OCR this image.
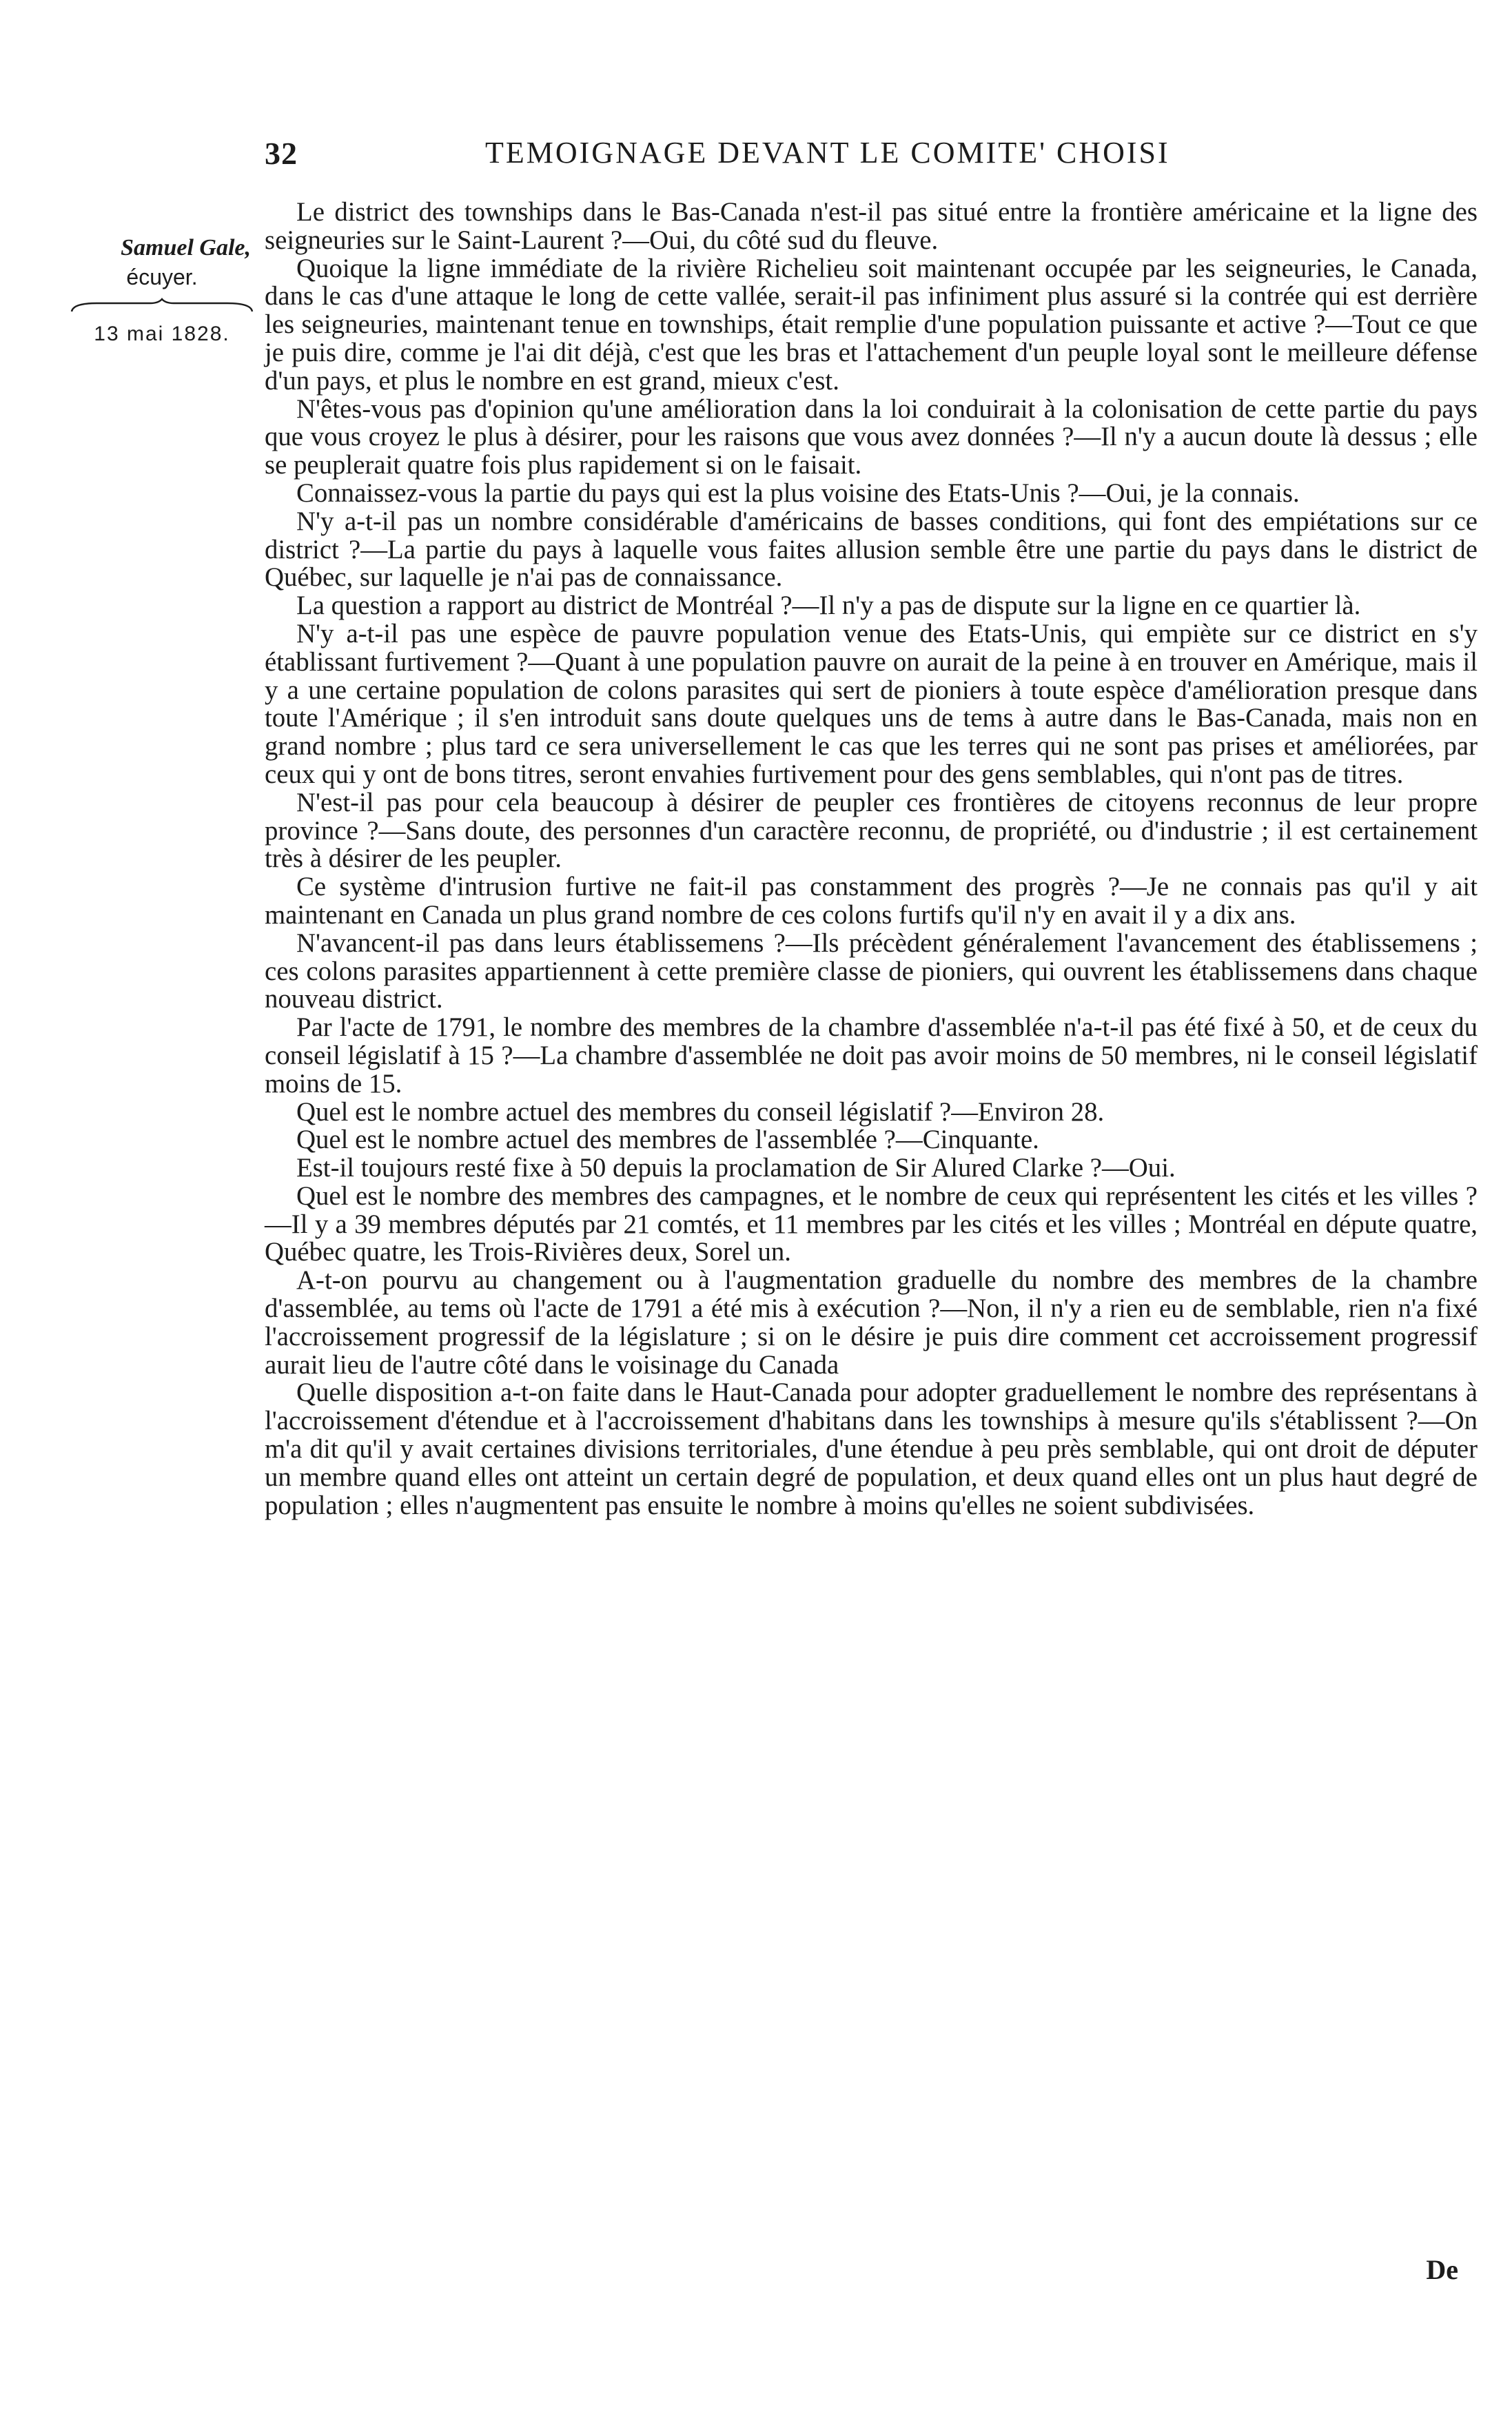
32	TEMOIGNAGE DEVANT LE COMITE' CHOISI
Samuel Gale,
écuyer.
13 mai 1828.

Le district des townships dans le Bas-Canada n'est-il pas situé entre la frontière américaine et la ligne des seigneuries sur le Saint-Laurent ?—Oui, du côté sud du fleuve.

Quoique la ligne immédiate de la rivière Richelieu soit maintenant occupée par les seigneuries, le Canada, dans le cas d'une attaque le long de cette vallée, serait-il pas infiniment plus assuré si la contrée qui est derrière les seigneuries, maintenant tenue en townships, était remplie d'une population puissante et active ?—Tout ce que je puis dire, comme je l'ai dit déjà, c'est que les bras et l'attachement d'un peuple loyal sont le meilleure défense d'un pays, et plus le nombre en est grand, mieux c'est.

N'êtes-vous pas d'opinion qu'une amélioration dans la loi conduirait à la colonisation de cette partie du pays que vous croyez le plus à désirer, pour les raisons que vous avez données ?—Il n'y a aucun doute là dessus ; elle se peuplerait quatre fois plus rapidement si on le faisait.

Connaissez-vous la partie du pays qui est la plus voisine des Etats-Unis ?—Oui, je la connais.

N'y a-t-il pas un nombre considérable d'américains de basses conditions, qui font des empiétations sur ce district ?—La partie du pays à laquelle vous faites allusion semble être une partie du pays dans le district de Québec, sur laquelle je n'ai pas de connaissance.

La question a rapport au district de Montréal ?—Il n'y a pas de dispute sur la ligne en ce quartier là.

N'y a-t-il pas une espèce de pauvre population venue des Etats-Unis, qui empiète sur ce district en s'y établissant furtivement ?—Quant à une population pauvre on aurait de la peine à en trouver en Amérique, mais il y a une certaine population de colons parasites qui sert de pioniers à toute espèce d'amélioration presque dans toute l'Amérique ; il s'en introduit sans doute quelques uns de tems à autre dans le Bas-Canada, mais non en grand nombre ; plus tard ce sera universellement le cas que les terres qui ne sont pas prises et améliorées, par ceux qui y ont de bons titres, seront envahies furtivement pour des gens semblables, qui n'ont pas de titres.

N'est-il pas pour cela beaucoup à désirer de peupler ces frontières de citoyens reconnus de leur propre province ?—Sans doute, des personnes d'un caractère reconnu, de propriété, ou d'industrie ; il est certainement très à désirer de les peupler.

Ce système d'intrusion furtive ne fait-il pas constamment des progrès ?—Je ne connais pas qu'il y ait maintenant en Canada un plus grand nombre de ces colons furtifs qu'il n'y en avait il y a dix ans.

N'avancent-il pas dans leurs établissemens ?—Ils précèdent généralement l'avancement des établissemens ; ces colons parasites appartiennent à cette première classe de pioniers, qui ouvrent les établissemens dans chaque nouveau district.

Par l'acte de 1791, le nombre des membres de la chambre d'assemblée n'a-t-il pas été fixé à 50, et de ceux du conseil législatif à 15 ?—La chambre d'assemblée ne doit pas avoir moins de 50 membres, ni le conseil législatif moins de 15.

Quel est le nombre actuel des membres du conseil législatif ?—Environ 28.

Quel est le nombre actuel des membres de l'assemblée ?—Cinquante.

Est-il toujours resté fixe à 50 depuis la proclamation de Sir Alured Clarke ?—Oui.

Quel est le nombre des membres des campagnes, et le nombre de ceux qui représentent les cités et les villes ?—Il y a 39 membres députés par 21 comtés, et 11 membres par les cités et les villes ; Montréal en députe quatre, Québec quatre, les Trois-Rivières deux, Sorel un.

A-t-on pourvu au changement ou à l'augmentation graduelle du nombre des membres de la chambre d'assemblée, au tems où l'acte de 1791 a été mis à exécution ?—Non, il n'y a rien eu de semblable, rien n'a fixé l'accroissement progressif de la législature ; si on le désire je puis dire comment cet accroissement progressif aurait lieu de l'autre côté dans le voisinage du Canada

Quelle disposition a-t-on faite dans le Haut-Canada pour adopter graduellement le nombre des représentans à l'accroissement d'étendue et à l'accroissement d'habitans dans les townships à mesure qu'ils s'établissent ?—On m'a dit qu'il y avait certaines divisions territoriales, d'une étendue à peu près semblable, qui ont droit de députer un membre quand elles ont atteint un certain degré de population, et deux quand elles ont un plus haut degré de population ; elles n'augmentent pas ensuite le nombre à moins qu'elles ne soient subdivisées.

De
